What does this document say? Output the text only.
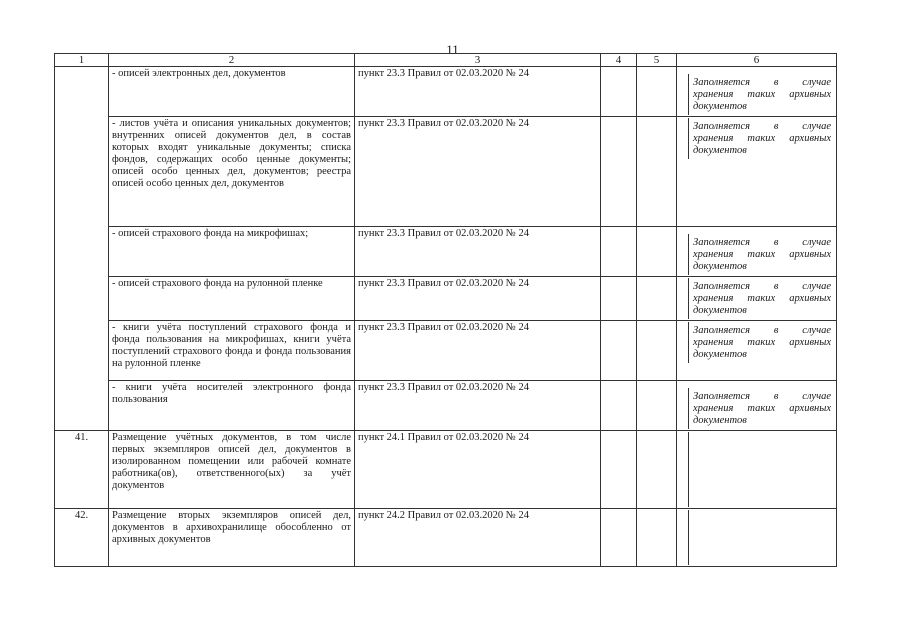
11
1	2	3	4	5	6
	- описей электронных дел, документов	пункт 23.3 Правил от 02.03.2020 № 24			Заполняется в случае хранения таких архивных документов

	- листов учёта и описания уникальных документов; внутренних описей документов дел, в состав которых входят уникальные документы; списка фондов, содержащих особо ценные документы; описей особо ценных дел, документов; реестра описей особо ценных дел, документов	пункт 23.3 Правил от 02.03.2020 № 24			Заполняется в случае хранения таких архивных документов

	- описей страхового фонда на микрофишах;	пункт 23.3 Правил от 02.03.2020 № 24			Заполняется в случае хранения таких архивных документов

	- описей страхового фонда на рулонной пленке	пункт 23.3 Правил от 02.03.2020 № 24			Заполняется в случае хранения таких архивных документов

	- книги учёта поступлений страхового фонда и фонда пользования на микрофишах, книги учёта поступлений страхового фонда и фонда пользования на рулонной пленке	пункт 23.3 Правил от 02.03.2020 № 24			Заполняется в случае хранения таких архивных документов

	- книги учёта носителей электронного фонда пользования	пункт 23.3 Правил от 02.03.2020 № 24			Заполняется в случае хранения таких архивных документов

41.	Размещение учётных документов, в том числе первых экземпляров описей дел, документов в изолированном помещении или рабочей комнате работника(ов), ответственного(ых) за учёт документов	пункт 24.1 Правил от 02.03.2020 № 24			

42.	Размещение вторых экземпляров описей дел, документов в архивохранилище обособленно от архивных документов	пункт 24.2 Правил от 02.03.2020 № 24			
